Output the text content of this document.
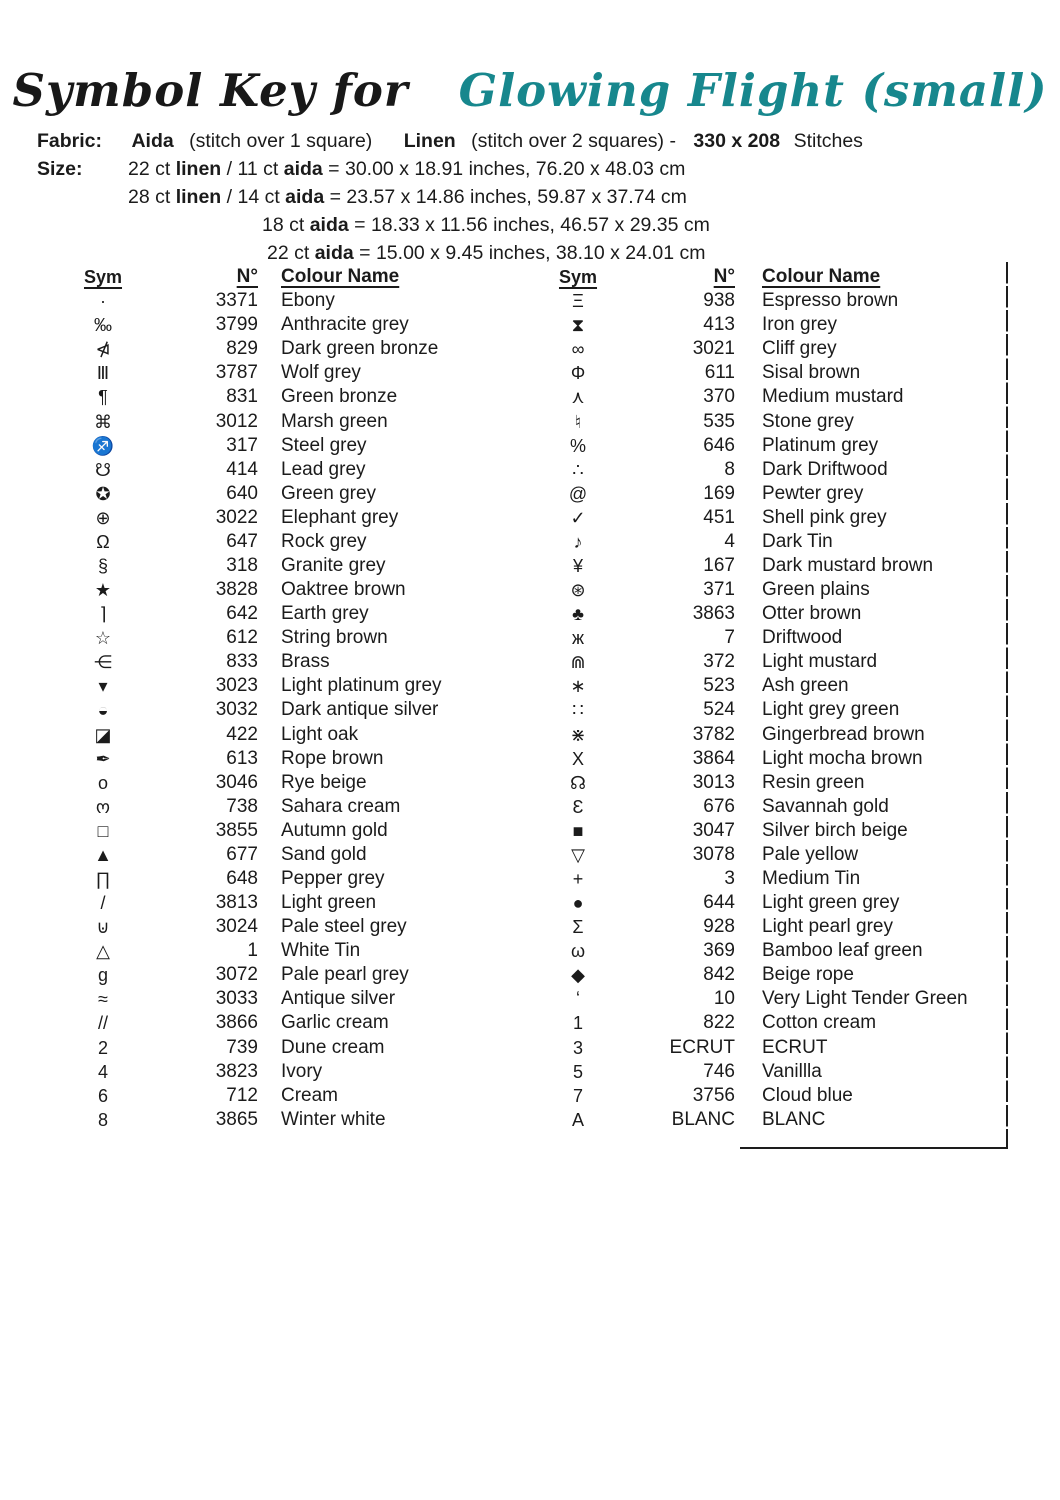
Symbol Key for Glowing Flight (small)
Fabric: Aida (stitch over 1 square) Linen (stitch over 2 squares) - 330 x 208 Stitches
Size: 22 ct linen / 11 ct aida = 30.00 x 18.91 inches, 76.20 x 48.03 cm
28 ct linen / 14 ct aida = 23.57 x 14.86 inches, 59.87 x 37.74 cm
18 ct aida = 18.33 x 11.56 inches, 46.57 x 29.35 cm
22 ct aida = 15.00 x 9.45 inches, 38.10 x 24.01 cm
Sym	N°	Colour Name
·	3371	Ebony
‰	3799	Anthracite grey
⋪	829	Dark green bronze
Ⅲ	3787	Wolf grey
¶	831	Green bronze
⌘	3012	Marsh green
♐	317	Steel grey
☋	414	Lead grey
✪	640	Green grey
⊕	3022	Elephant grey
Ω	647	Rock grey
§	318	Granite grey
★	3828	Oaktree brown
⌉	642	Earth grey
☆	612	String brown
⋲	833	Brass
▾	3023	Light platinum grey
◒	3032	Dark antique silver
◪	422	Light oak
✒	613	Rope brown
o	3046	Rye beige
ო	738	Sahara cream
□	3855	Autumn gold
▲	677	Sand gold
∏	648	Pepper grey
/	3813	Light green
⊍	3024	Pale steel grey
△	1	White Tin
g	3072	Pale pearl grey
≈	3033	Antique silver
//	3866	Garlic cream
2	739	Dune cream
4	3823	Ivory
6	712	Cream
8	3865	Winter white
Sym	N°	Colour Name
Ξ	938	Espresso brown
⧗	413	Iron grey
∞	3021	Cliff grey
Φ	611	Sisal brown
⋏	370	Medium mustard
♮	535	Stone grey
%	646	Platinum grey
∴	8	Dark Driftwood
@	169	Pewter grey
✓	451	Shell pink grey
♪	4	Dark Tin
¥	167	Dark mustard brown
⊛	371	Green plains
♣	3863	Otter brown
ж	7	Driftwood
⋒	372	Light mustard
∗	523	Ash green
∷	524	Light grey green
⋇	3782	Gingerbread brown
X	3864	Light mocha brown
☊	3013	Resin green
Ɛ	676	Savannah gold
■	3047	Silver birch beige
▽	3078	Pale yellow
+	3	Medium Tin
●	644	Light green grey
Σ	928	Light pearl grey
ω	369	Bamboo leaf green
◆	842	Beige rope
ʻ	10	Very Light Tender Green
1	822	Cotton cream
3	ECRUT	ECRUT
5	746	Vanillla
7	3756	Cloud blue
A	BLANC	BLANC
